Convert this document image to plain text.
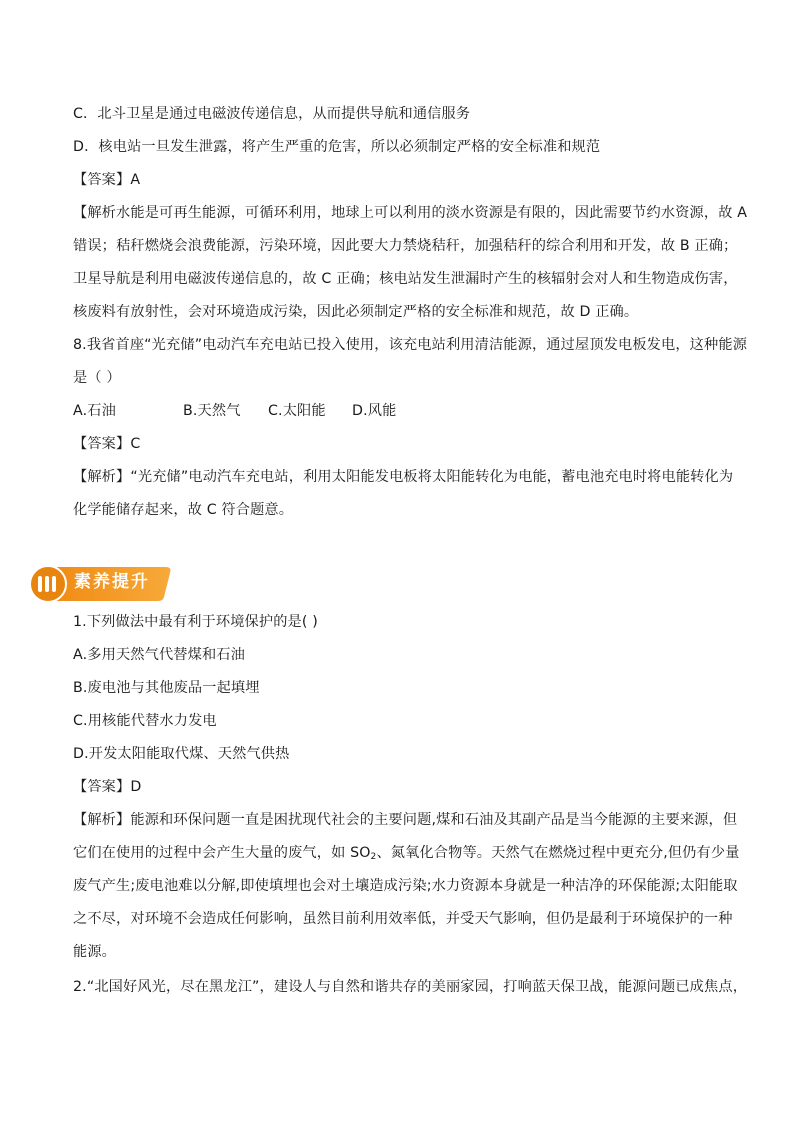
C．北斗卫星是通过电磁波传递信息，从而提供导航和通信服务
D．核电站一旦发生泄露，将产生严重的危害，所以必须制定严格的安全标准和规范
【答案】A
【解析水能是可再生能源，可循环利用，地球上可以利用的淡水资源是有限的，因此需要节约水资源，故 A
错误；秸秆燃烧会浪费能源，污染环境，因此要大力禁烧秸秆，加强秸秆的综合利用和开发，故 B 正确；
卫星导航是利用电磁波传递信息的，故 C 正确；核电站发生泄漏时产生的核辐射会对人和生物造成伤害，
核废料有放射性，会对环境造成污染，因此必须制定严格的安全标准和规范，故 D 正确。
8.我省首座“光充储”电动汽车充电站已投入使用，该充电站利用清洁能源，通过屋顶发电板发电，这种能源
是（ ）
A.石油	B.天然气 C.太阳能 D.风能
【答案】C
【解析】“光充储”电动汽车充电站，利用太阳能发电板将太阳能转化为电能，蓄电池充电时将电能转化为
化学能储存起来，故 C 符合题意。
素养提升
1.下列做法中最有利于环境保护的是( )
A.多用天然气代替煤和石油
B.废电池与其他废品一起填埋
C.用核能代替水力发电
D.开发太阳能取代煤、天然气供热
【答案】D
【解析】能源和环保问题一直是困扰现代社会的主要问题,煤和石油及其副产品是当今能源的主要来源，但
它们在使用的过程中会产生大量的废气，如 $SO_2$、氮氧化合物等。天然气在燃烧过程中更充分,但仍有少量
废气产生;废电池难以分解,即使填埋也会对土壤造成污染;水力资源本身就是一种洁净的环保能源;太阳能取
之不尽，对环境不会造成任何影响，虽然目前利用效率低，并受天气影响，但仍是最利于环境保护的一种
能源。
2.“北国好风光，尽在黑龙江”，建设人与自然和谐共存的美丽家园，打响蓝天保卫战，能源问题已成焦点，
